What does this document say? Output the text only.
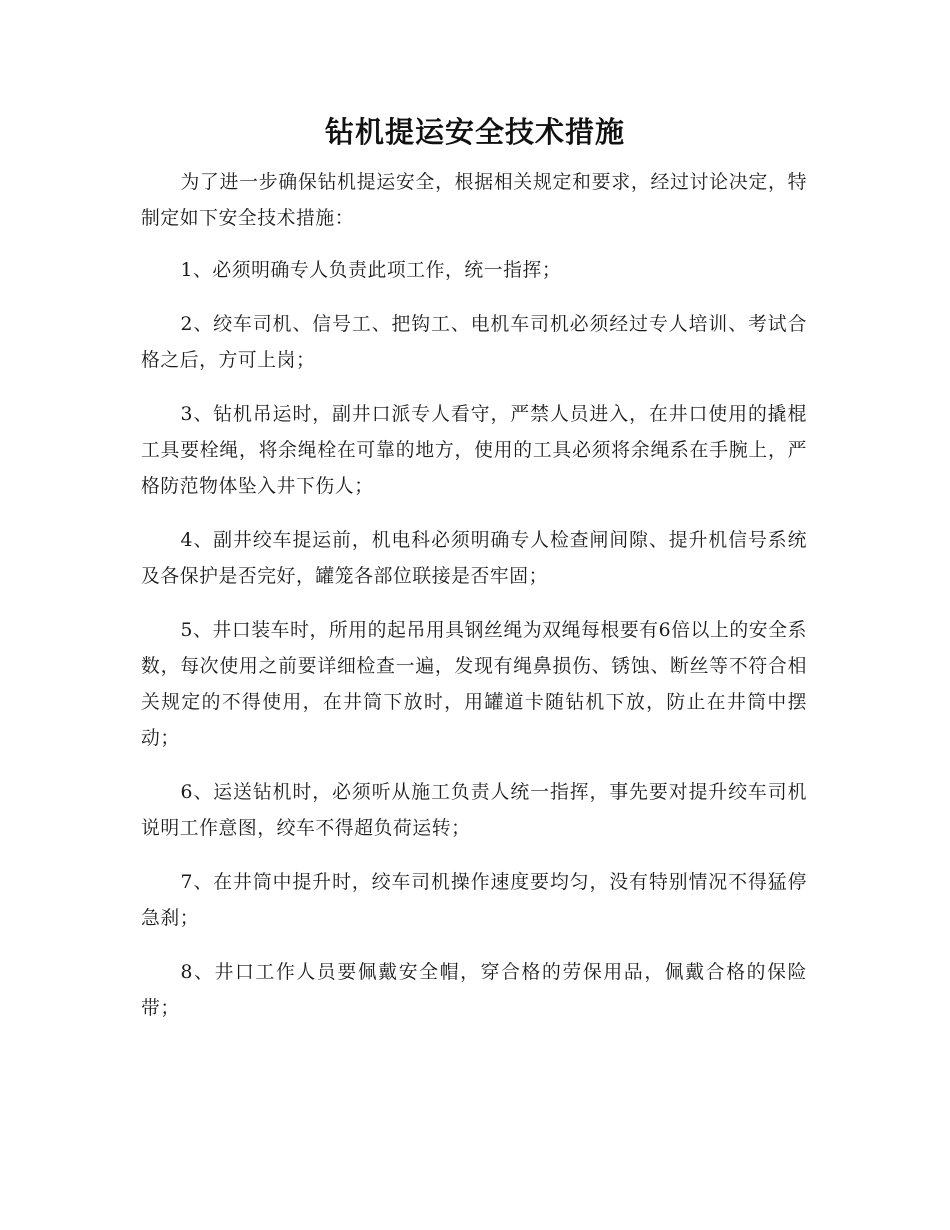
钻机提运安全技术措施

为了进一步确保钻机提运安全，根据相关规定和要求，经过讨论决定，特制定如下安全技术措施：

1、必须明确专人负责此项工作，统一指挥；

2、绞车司机、信号工、把钩工、电机车司机必须经过专人培训、考试合格之后，方可上岗；

3、钻机吊运时，副井口派专人看守，严禁人员进入，在井口使用的撬棍工具要栓绳，将余绳栓在可靠的地方，使用的工具必须将余绳系在手腕上，严格防范物体坠入井下伤人；

4、副井绞车提运前，机电科必须明确专人检查闸间隙、提升机信号系统及各保护是否完好，罐笼各部位联接是否牢固；

5、井口装车时，所用的起吊用具钢丝绳为双绳每根要有6倍以上的安全系数，每次使用之前要详细检查一遍，发现有绳鼻损伤、锈蚀、断丝等不符合相关规定的不得使用，在井筒下放时，用罐道卡随钻机下放，防止在井筒中摆动；

6、运送钻机时，必须听从施工负责人统一指挥，事先要对提升绞车司机说明工作意图，绞车不得超负荷运转；

7、在井筒中提升时，绞车司机操作速度要均匀，没有特别情况不得猛停急刹；

8、井口工作人员要佩戴安全帽，穿合格的劳保用品，佩戴合格的保险带；
